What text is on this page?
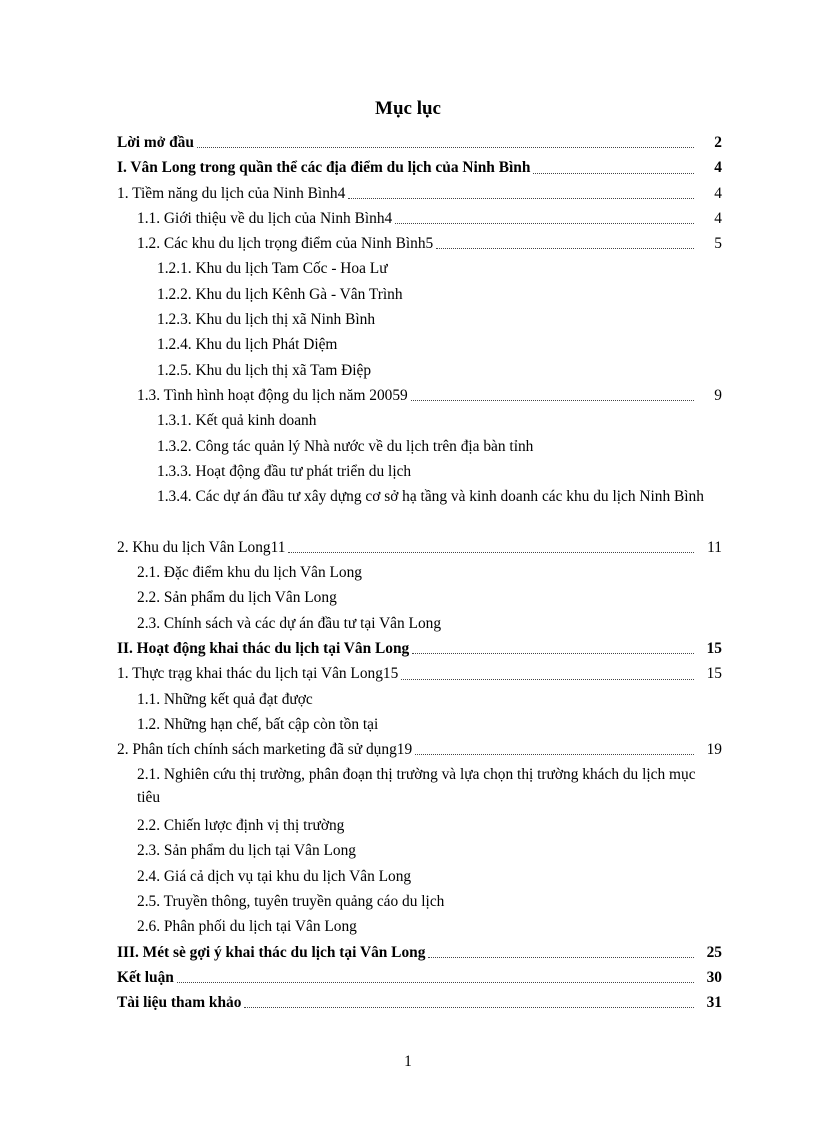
Mục lục
Lời mở đầu	2
I. Vân Long trong quần thể các địa điểm du lịch của Ninh Bình	4
1. Tiềm năng du lịch của Ninh Bình4	4
1.1. Giới thiệu về du lịch của Ninh Bình4	4
1.2. Các khu du lịch trọng điểm của Ninh Bình5	5
1.2.1. Khu du lịch Tam Cốc - Hoa Lư
1.2.2. Khu du lịch Kênh Gà - Vân Trình
1.2.3. Khu du lịch thị xã Ninh Bình
1.2.4. Khu du lịch Phát Diệm
1.2.5. Khu du lịch thị xã Tam Điệp
1.3. Tình hình hoạt động du lịch năm 20059	9
1.3.1. Kết quả kinh doanh
1.3.2. Công tác quản lý Nhà nước về du lịch trên địa bàn tỉnh
1.3.3. Hoạt động đầu tư phát triển du lịch
1.3.4. Các dự án đầu tư xây dựng cơ sở hạ tầng và kinh doanh các khu du lịch Ninh Bình
2. Khu du lịch Vân Long11	11
2.1. Đặc điểm khu du lịch Vân Long
2.2. Sản phẩm du lịch Vân Long
2.3. Chính sách và các dự án đầu tư tại Vân Long
II. Hoạt động khai thác du lịch tại Vân Long	15
1. Thực trạg khai thác du lịch tại Vân Long15	15
1.1. Những kết quả đạt được
1.2. Những hạn chế, bất cập còn tồn tại
2. Phân tích chính sách marketing đã sử dụng19	19
2.1. Nghiên cứu thị trường, phân đoạn thị trường và lựa chọn thị trường khách du lịch mục tiêu
2.2. Chiến lược định vị thị trường
2.3. Sản phẩm du lịch tại Vân Long
2.4. Giá cả dịch vụ tại khu du lịch Vân Long
2.5. Truyền thông, tuyên truyền quảng cáo du lịch
2.6. Phân phối du lịch tại Vân Long
III. Mét sè gợi ý khai thác du lịch tại Vân Long	25
Kết luận	30
Tài liệu tham khảo	31
1
